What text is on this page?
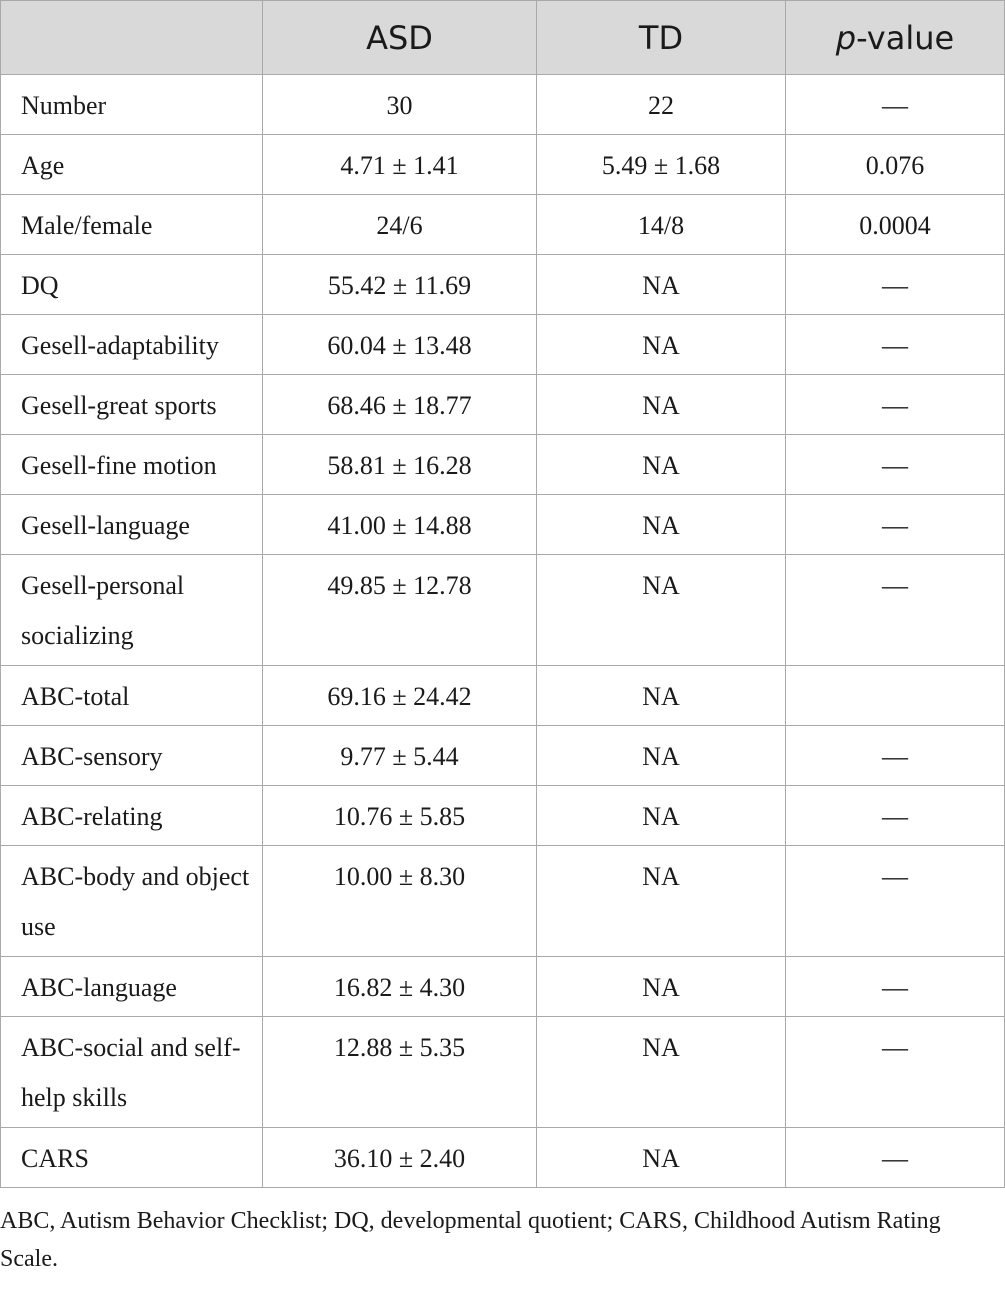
	ASD	TD	p-value
Number	30	22	—
Age	4.71 ± 1.41	5.49 ± 1.68	0.076
Male/female	24/6	14/8	0.0004
DQ	55.42 ± 11.69	NA	—
Gesell-adaptability	60.04 ± 13.48	NA	—
Gesell-great sports	68.46 ± 18.77	NA	—
Gesell-fine motion	58.81 ± 16.28	NA	—
Gesell-language	41.00 ± 14.88	NA	—
Gesell-personal socializing	49.85 ± 12.78	NA	—
ABC-total	69.16 ± 24.42	NA	
ABC-sensory	9.77 ± 5.44	NA	—
ABC-relating	10.76 ± 5.85	NA	—
ABC-body and object use	10.00 ± 8.30	NA	—
ABC-language	16.82 ± 4.30	NA	—
ABC-social and self-help skills	12.88 ± 5.35	NA	—
CARS	36.10 ± 2.40	NA	—

ABC, Autism Behavior Checklist; DQ, developmental quotient; CARS, Childhood Autism Rating Scale.
